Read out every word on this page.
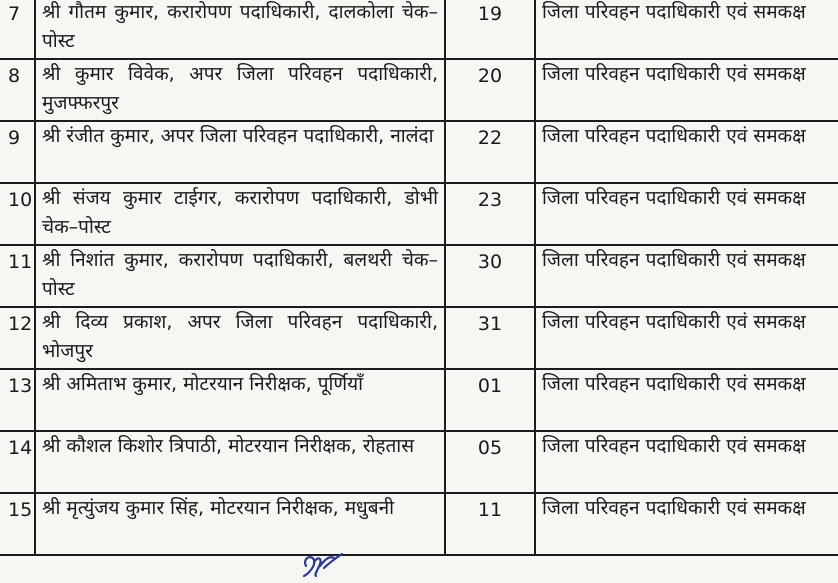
7	श्री गौतम कुमार, करारोपण पदाधिकारी, दालकोला चेक–पोस्ट	19	जिला परिवहन पदाधिकारी एवं समकक्ष
8	श्री कुमार विवेक, अपर जिला परिवहन पदाधिकारी, मुजफ्फरपुर	20	जिला परिवहन पदाधिकारी एवं समकक्ष
9	श्री रंजीत कुमार, अपर जिला परिवहन पदाधिकारी, नालंदा	22	जिला परिवहन पदाधिकारी एवं समकक्ष
10	श्री संजय कुमार टाईगर, करारोपण पदाधिकारी, डोभी चेक–पोस्ट	23	जिला परिवहन पदाधिकारी एवं समकक्ष
11	श्री निशांत कुमार, करारोपण पदाधिकारी, बलथरी चेक–पोस्ट	30	जिला परिवहन पदाधिकारी एवं समकक्ष
12	श्री दिव्य प्रकाश, अपर जिला परिवहन पदाधिकारी, भोजपुर	31	जिला परिवहन पदाधिकारी एवं समकक्ष
13	श्री अमिताभ कुमार, मोटरयान निरीक्षक, पूर्णियाँ	01	जिला परिवहन पदाधिकारी एवं समकक्ष
14	श्री कौशल किशोर त्रिपाठी, मोटरयान निरीक्षक, रोहतास	05	जिला परिवहन पदाधिकारी एवं समकक्ष
15	श्री मृत्युंजय कुमार सिंह, मोटरयान निरीक्षक, मधुबनी	11	जिला परिवहन पदाधिकारी एवं समकक्ष
